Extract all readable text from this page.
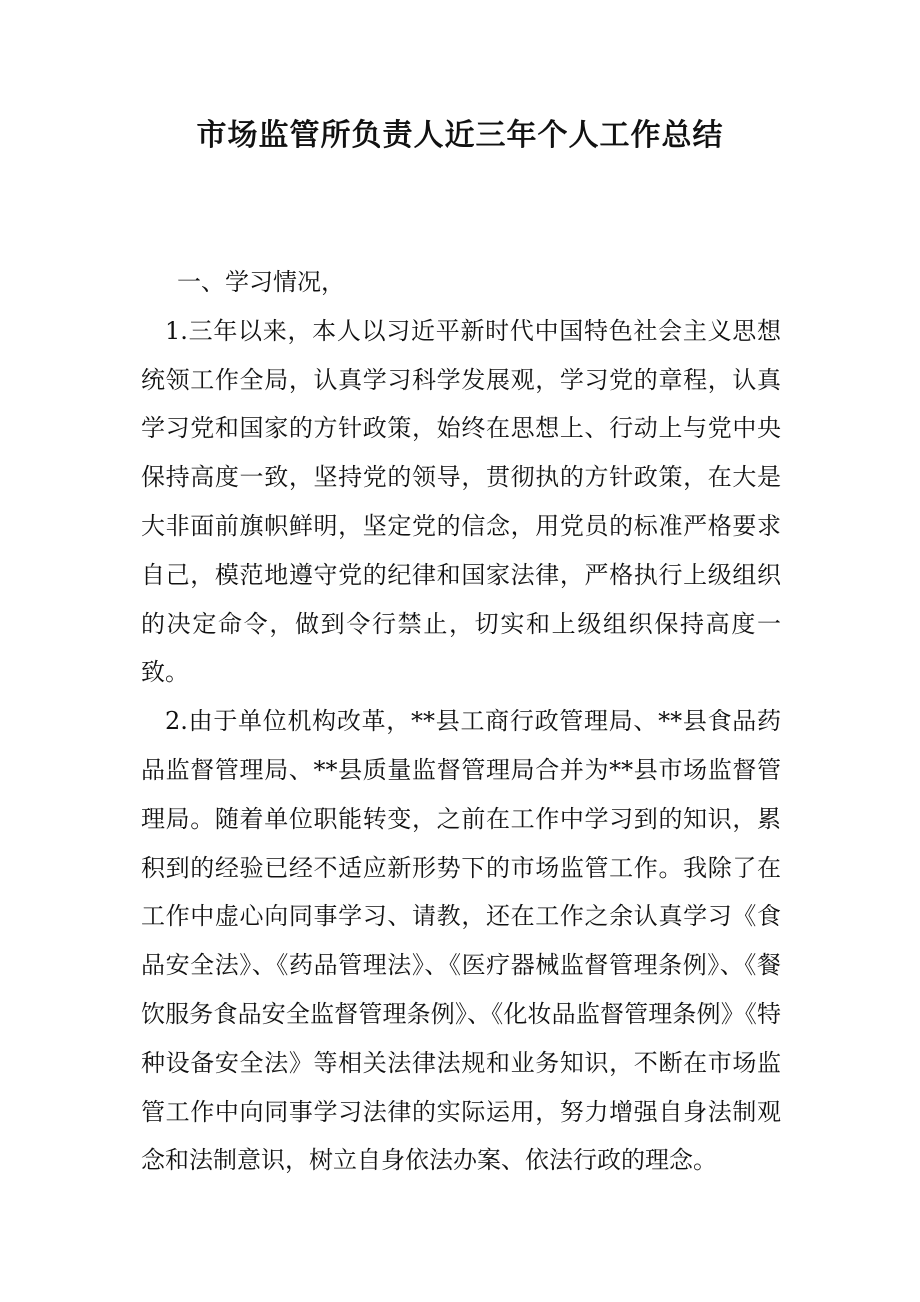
市场监管所负责人近三年个人工作总结

一、学习情况，

1.三年以来，本人以习近平新时代中国特色社会主义思想统领工作全局，认真学习科学发展观，学习党的章程，认真学习党和国家的方针政策，始终在思想上、行动上与党中央保持高度一致，坚持党的领导，贯彻执的方针政策，在大是大非面前旗帜鲜明，坚定党的信念，用党员的标准严格要求自己，模范地遵守党的纪律和国家法律，严格执行上级组织的决定命令，做到令行禁止，切实和上级组织保持高度一致。

2.由于单位机构改革，**县工商行政管理局、**县食品药品监督管理局、**县质量监督管理局合并为**县市场监督管理局。随着单位职能转变，之前在工作中学习到的知识，累积到的经验已经不适应新形势下的市场监管工作。我除了在工作中虚心向同事学习、请教，还在工作之余认真学习《食品安全法》、《药品管理法》、《医疗器械监督管理条例》、《餐饮服务食品安全监督管理条例》、《化妆品监督管理条例》《特种设备安全法》等相关法律法规和业务知识，不断在市场监管工作中向同事学习法律的实际运用，努力增强自身法制观念和法制意识，树立自身依法办案、依法行政的理念。
